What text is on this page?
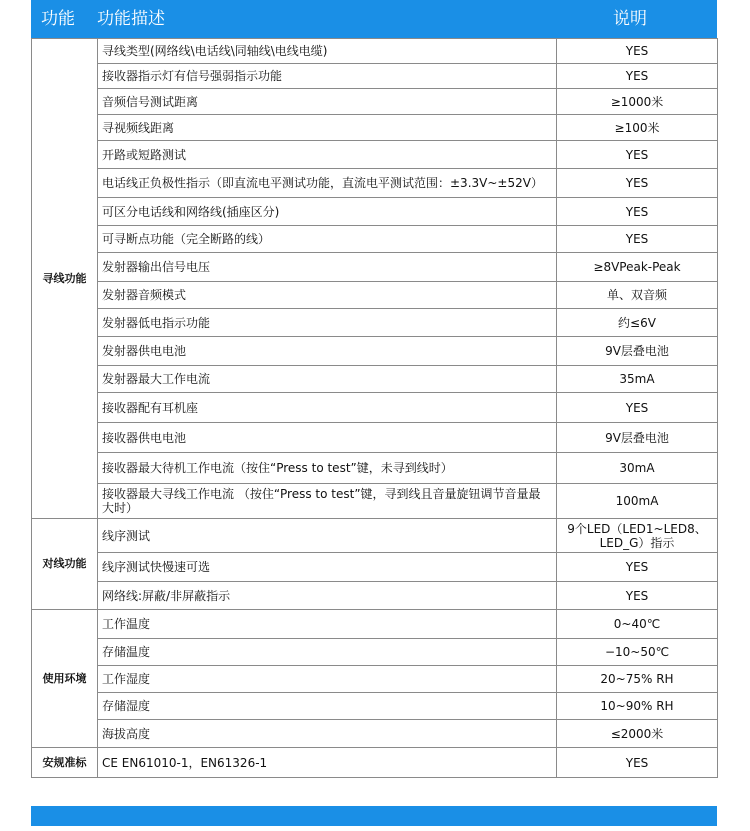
功能 功能描述	说明
寻线功能	寻线类型(网络线\电话线\同轴线\电线电缆)	YES
	接收器指示灯有信号强弱指示功能	YES
	音频信号测试距离	≥1000米
	寻视频线距离	≥100米
	开路或短路测试	YES
	电话线正负极性指示（即直流电平测试功能，直流电平测试范围：±3.3V~±52V）	YES
	可区分电话线和网络线(插座区分)	YES
	可寻断点功能（完全断路的线）	YES
	发射器输出信号电压	≥8VPeak-Peak
	发射器音频模式	单、双音频
	发射器低电指示功能	约≤6V
	发射器供电电池	9V层叠电池
	发射器最大工作电流	35mA
	接收器配有耳机座	YES
	接收器供电电池	9V层叠电池
	接收器最大待机工作电流（按住“Press to test”键，未寻到线时）	30mA
	接收器最大寻线工作电流 （按住“Press to test”键，寻到线且音量旋钮调节音量最大时）	100mA
对线功能	线序测试	9个LED（LED1~LED8、LED_G）指示
	线序测试快慢速可选	YES
	网络线:屏蔽/非屏蔽指示	YES
使用环境	工作温度	0~40℃
	存储温度	−10~50℃
	工作湿度	20~75% RH
	存储湿度	10~90% RH
	海拔高度	≤2000米
安规准标	CE EN61010-1，EN61326-1	YES
